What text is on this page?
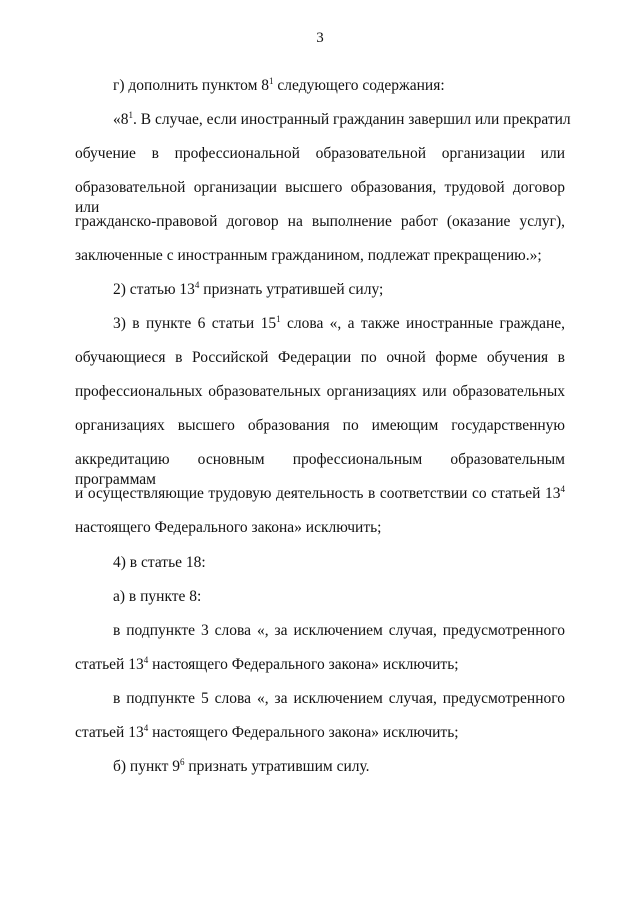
3
г) дополнить пунктом $8^1$ следующего содержания:
«$8^1$. В случае, если иностранный гражданин завершил или прекратил
обучение в профессиональной образовательной организации или
образовательной организации высшего образования, трудовой договор или
гражданско-правовой договор на выполнение работ (оказание услуг),
заключенные с иностранным гражданином, подлежат прекращению.»;
2) статью $13^4$ признать утратившей силу;
3) в пункте 6 статьи $15^1$ слова «, а также иностранные граждане,
обучающиеся в Российской Федерации по очной форме обучения в
профессиональных образовательных организациях или образовательных
организациях высшего образования по имеющим государственную
аккредитацию основным профессиональным образовательным программам
и осуществляющие трудовую деятельность в соответствии со статьей $13^4$
настоящего Федерального закона» исключить;
4) в статье 18:
а) в пункте 8:
в подпункте 3 слова «, за исключением случая, предусмотренного
статьей $13^4$ настоящего Федерального закона» исключить;
в подпункте 5 слова «, за исключением случая, предусмотренного
статьей $13^4$ настоящего Федерального закона» исключить;
б) пункт $9^6$ признать утратившим силу.
